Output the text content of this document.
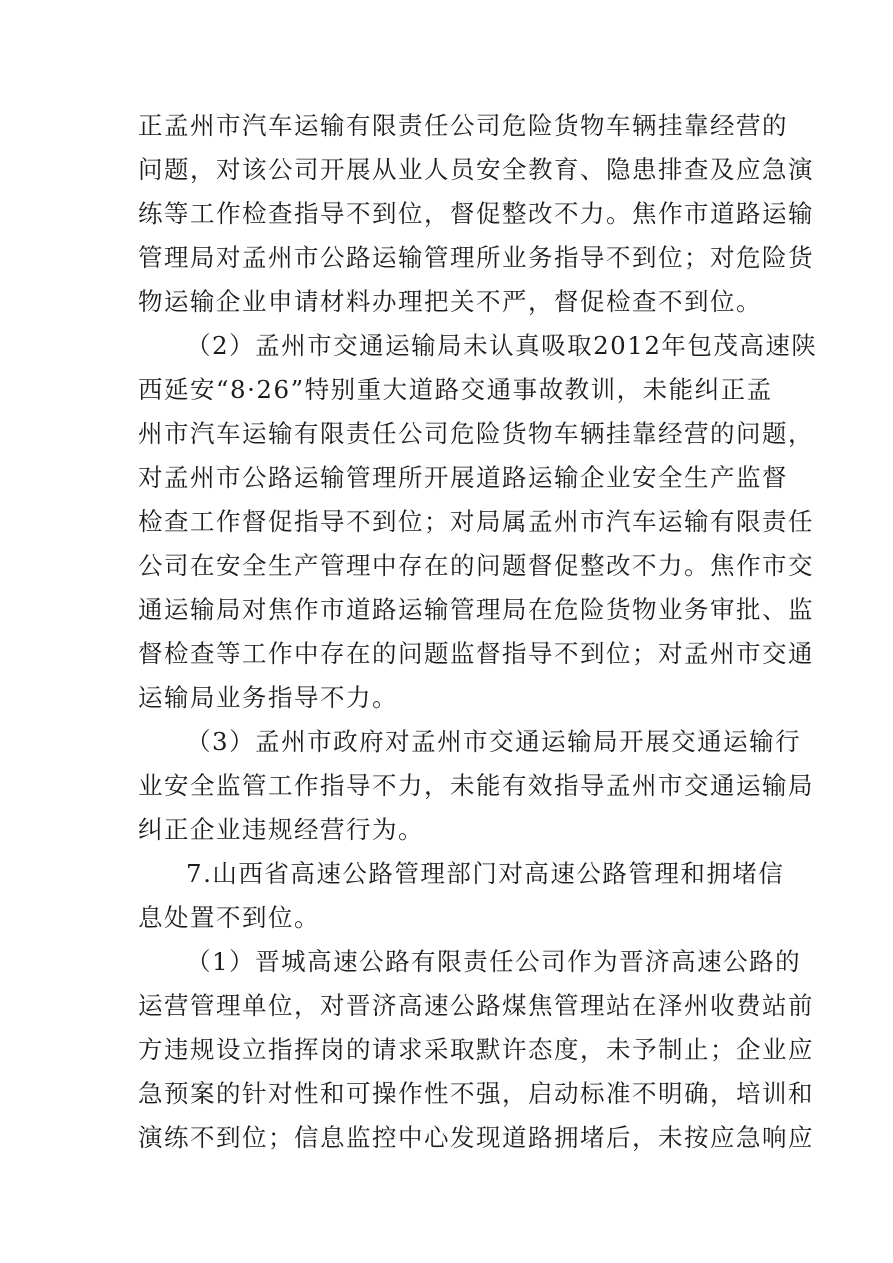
正孟州市汽车运输有限责任公司危险货物车辆挂靠经营的
问题，对该公司开展从业人员安全教育、隐患排查及应急演
练等工作检查指导不到位，督促整改不力。焦作市道路运输
管理局对孟州市公路运输管理所业务指导不到位；对危险货
物运输企业申请材料办理把关不严，督促检查不到位。
（2）孟州市交通运输局未认真吸取2012年包茂高速陕
西延安“8·26”特别重大道路交通事故教训，未能纠正孟
州市汽车运输有限责任公司危险货物车辆挂靠经营的问题，
对孟州市公路运输管理所开展道路运输企业安全生产监督
检查工作督促指导不到位；对局属孟州市汽车运输有限责任
公司在安全生产管理中存在的问题督促整改不力。焦作市交
通运输局对焦作市道路运输管理局在危险货物业务审批、监
督检查等工作中存在的问题监督指导不到位；对孟州市交通
运输局业务指导不力。
（3）孟州市政府对孟州市交通运输局开展交通运输行
业安全监管工作指导不力，未能有效指导孟州市交通运输局
纠正企业违规经营行为。
7.山西省高速公路管理部门对高速公路管理和拥堵信
息处置不到位。
（1）晋城高速公路有限责任公司作为晋济高速公路的
运营管理单位，对晋济高速公路煤焦管理站在泽州收费站前
方违规设立指挥岗的请求采取默许态度，未予制止；企业应
急预案的针对性和可操作性不强，启动标准不明确，培训和
演练不到位；信息监控中心发现道路拥堵后，未按应急响应
